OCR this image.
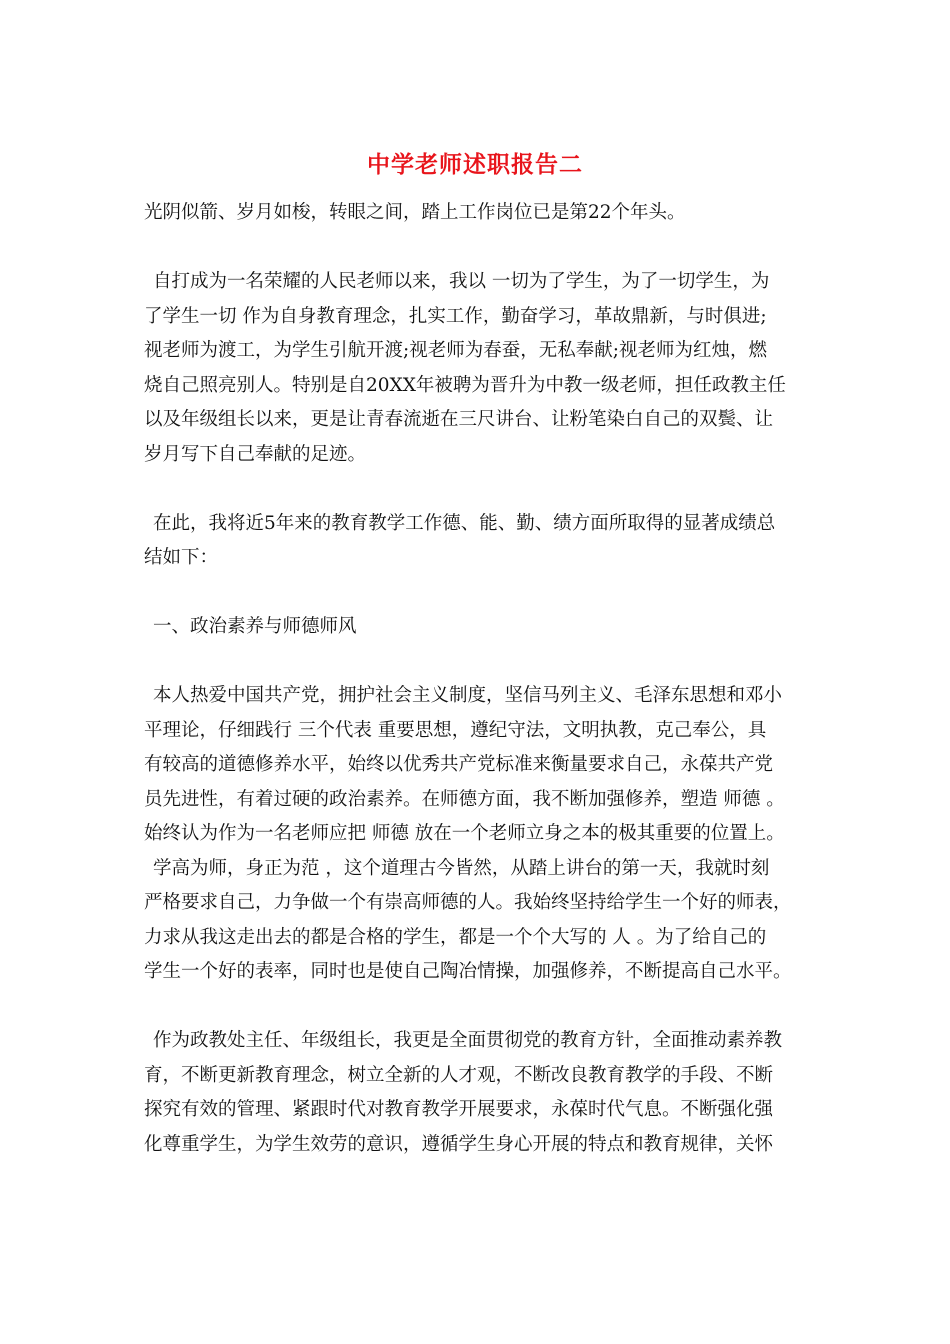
中学老师述职报告二
光阴似箭、岁月如梭，转眼之间，踏上工作岗位已是第22个年头。
自打成为一名荣耀的人民老师以来，我以 一切为了学生，为了一切学生，为
了学生一切 作为自身教育理念，扎实工作，勤奋学习，革故鼎新，与时俱进;
视老师为渡工，为学生引航开渡;视老师为春蚕，无私奉献;视老师为红烛，燃
烧自己照亮别人。特别是自20XX年被聘为晋升为中教一级老师，担任政教主任
以及年级组长以来，更是让青春流逝在三尺讲台、让粉笔染白自己的双鬓、让
岁月写下自己奉献的足迹。
在此，我将近5年来的教育教学工作德、能、勤、绩方面所取得的显著成绩总
结如下：
一、政治素养与师德师风
本人热爱中国共产党，拥护社会主义制度，坚信马列主义、毛泽东思想和邓小
平理论，仔细践行 三个代表 重要思想，遵纪守法，文明执教，克己奉公，具
有较高的道德修养水平，始终以优秀共产党标准来衡量要求自己，永葆共产党
员先进性，有着过硬的政治素养。在师德方面，我不断加强修养，塑造 师德 。
始终认为作为一名老师应把 师德 放在一个老师立身之本的极其重要的位置上。
学高为师，身正为范 ，这个道理古今皆然，从踏上讲台的第一天，我就时刻
严格要求自己，力争做一个有崇高师德的人。我始终坚持给学生一个好的师表，
力求从我这走出去的都是合格的学生，都是一个个大写的 人 。为了给自己的
学生一个好的表率，同时也是使自己陶冶情操，加强修养，不断提高自己水平。
作为政教处主任、年级组长，我更是全面贯彻党的教育方针，全面推动素养教
育，不断更新教育理念，树立全新的人才观，不断改良教育教学的手段、不断
探究有效的管理、紧跟时代对教育教学开展要求，永葆时代气息。不断强化强
化尊重学生，为学生效劳的意识，遵循学生身心开展的特点和教育规律，关怀
